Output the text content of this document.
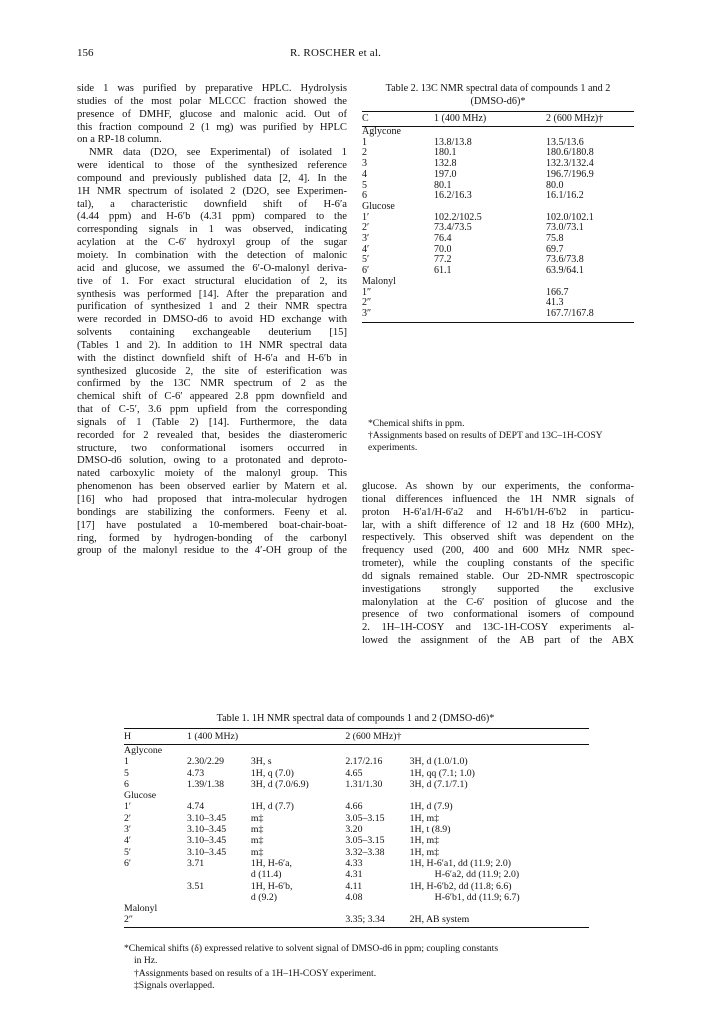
156	R. ROSCHER et al.
side 1 was purified by preparative HPLC. Hydrolysis
studies of the most polar MLCCC fraction showed the
presence of DMHF, glucose and malonic acid. Out of
this fraction compound 2 (1 mg) was purified by HPLC
on a RP-18 column.
NMR data (D2O, see Experimental) of isolated 1
were identical to those of the synthesized reference
compound and previously published data [2, 4]. In the
1H NMR spectrum of isolated 2 (D2O, see Experimen-
tal), a characteristic downfield shift of H-6′a
(4.44 ppm) and H-6′b (4.31 ppm) compared to the
corresponding signals in 1 was observed, indicating
acylation at the C-6′ hydroxyl group of the sugar
moiety. In combination with the detection of malonic
acid and glucose, we assumed the 6′-O-malonyl deriva-
tive of 1. For exact structural elucidation of 2, its
synthesis was performed [14]. After the preparation and
purification of synthesized 1 and 2 their NMR spectra
were recorded in DMSO-d6 to avoid HD exchange with
solvents containing exchangeable deuterium [15]
(Tables 1 and 2). In addition to 1H NMR spectral data
with the distinct downfield shift of H-6′a and H-6′b in
synthesized glucoside 2, the site of esterification was
confirmed by the 13C NMR spectrum of 2 as the
chemical shift of C-6′ appeared 2.8 ppm downfield and
that of C-5′, 3.6 ppm upfield from the corresponding
signals of 1 (Table 2) [14]. Furthermore, the data
recorded for 2 revealed that, besides the diasteromeric
structure, two conformational isomers occurred in
DMSO-d6 solution, owing to a protonated and deproto-
nated carboxylic moiety of the malonyl group. This
phenomenon has been observed earlier by Matern et al.
[16] who had proposed that intra-molecular hydrogen
bondings are stabilizing the conformers. Feeny et al.
[17] have postulated a 10-membered boat-chair-boat-
ring, formed by hydrogen-bonding of the carbonyl
group of the malonyl residue to the 4′-OH group of the
Table 2. 13C NMR spectral data of compounds 1 and 2
(DMSO-d6)*
C	1 (400 MHz)	2 (600 MHz)†
Aglycone		
1	13.8/13.8	13.5/13.6
2	180.1	180.6/180.8
3	132.8	132.3/132.4
4	197.0	196.7/196.9
5	80.1	80.0
6	16.2/16.3	16.1/16.2
Glucose		
1′	102.2/102.5	102.0/102.1
2′	73.4/73.5	73.0/73.1
3′	76.4	75.8
4′	70.0	69.7
5′	77.2	73.6/73.8
6′	61.1	63.9/64.1
Malonyl		
1″		166.7
2″		41.3
3″		167.7/167.8
*Chemical shifts in ppm.
†Assignments based on results of DEPT and 13C–1H-COSY
experiments.
glucose. As shown by our experiments, the conforma-
tional differences influenced the 1H NMR signals of
proton H-6′a1/H-6′a2 and H-6′b1/H-6′b2 in particu-
lar, with a shift difference of 12 and 18 Hz (600 MHz),
respectively. This observed shift was dependent on the
frequency used (200, 400 and 600 MHz NMR spec-
trometer), while the coupling constants of the specific
dd signals remained stable. Our 2D-NMR spectroscopic
investigations strongly supported the exclusive
malonylation at the C-6′ position of glucose and the
presence of two conformational isomers of compound
2. 1H–1H-COSY and 13C-1H-COSY experiments al-
lowed the assignment of the AB part of the ABX
Table 1. 1H NMR spectral data of compounds 1 and 2 (DMSO-d6)*
H	1 (400 MHz)		2 (600 MHz)†	
Aglycone					
1	2.30/2.29	3H, s	2.17/2.16		3H, d (1.0/1.0)
5	4.73	1H, q (7.0)	4.65		1H, qq (7.1; 1.0)
6	1.39/1.38	3H, d (7.0/6.9)	1.31/1.30		3H, d (7.1/7.1)
Glucose					
1′	4.74	1H, d (7.7)	4.66		1H, d (7.9)
2′	3.10–3.45	m‡	3.05–3.15		1H, m‡
3′	3.10–3.45	m‡	3.20		1H, t (8.9)
4′	3.10–3.45	m‡	3.05–3.15		1H, m‡
5′	3.10–3.45	m‡	3.32–3.38		1H, m‡
6′	3.71	1H, H-6′a,	4.33		1H, H-6′a1, dd (11.9; 2.0)
		d (11.4)	4.31		H-6′a2, dd (11.9; 2.0)
	3.51	1H, H-6′b,	4.11		1H, H-6′b2, dd (11.8; 6.6)
		d (9.2)	4.08		H-6′b1, dd (11.9; 6.7)
Malonyl					
2″			3.35; 3.34		2H, AB system
*Chemical shifts (δ) expressed relative to solvent signal of DMSO-d6 in ppm; coupling constants
in Hz.
†Assignments based on results of a 1H–1H-COSY experiment.
‡Signals overlapped.
